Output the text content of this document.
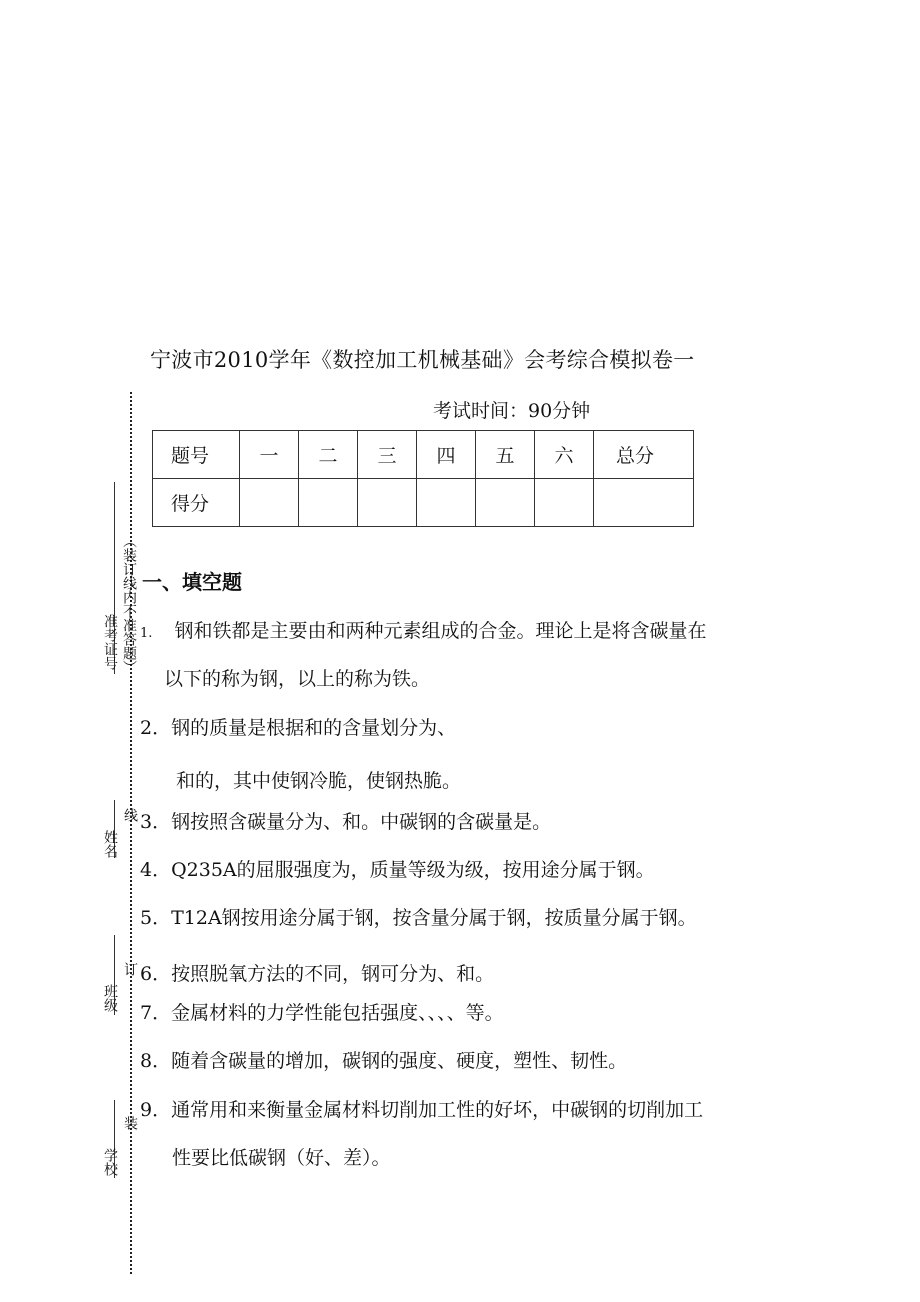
宁波市2010学年《数控加工机械基础》会考综合模拟卷一
考试时间：90分钟
题号	一	二	三	四	五	六	总分
得分							
（装订线内不准答题）
准考证号
姓名
班级
学校
线
订
装
一、填空题
1. 钢和铁都是主要由和两种元素组成的合金。理论上是将含碳量在
以下的称为钢，以上的称为铁。
2．钢的质量是根据和的含量划分为、
和的，其中使钢冷脆，使钢热脆。
3．钢按照含碳量分为、和。中碳钢的含碳量是。
4．Q235A的屈服强度为，质量等级为级，按用途分属于钢。
5．T12A钢按用途分属于钢，按含量分属于钢，按质量分属于钢。
6．按照脱氧方法的不同，钢可分为、和。
7．金属材料的力学性能包括强度、、、、等。
8．随着含碳量的增加，碳钢的强度、硬度，塑性、韧性。
9．通常用和来衡量金属材料切削加工性的好坏，中碳钢的切削加工
性要比低碳钢（好、差）。
